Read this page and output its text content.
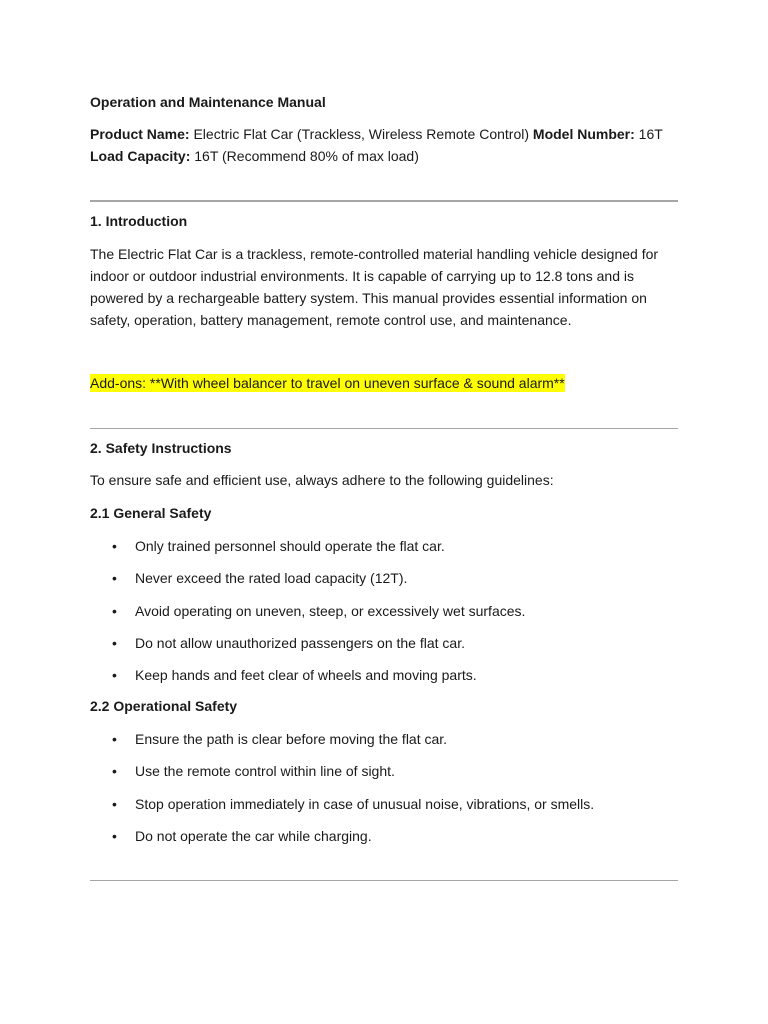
Operation and Maintenance Manual
Product Name: Electric Flat Car (Trackless, Wireless Remote Control) Model Number: 16T
Load Capacity: 16T (Recommend 80% of max load)
1. Introduction
The Electric Flat Car is a trackless, remote-controlled material handling vehicle designed for indoor or outdoor industrial environments. It is capable of carrying up to 12.8 tons and is powered by a rechargeable battery system. This manual provides essential information on safety, operation, battery management, remote control use, and maintenance.
Add-ons: **With wheel balancer to travel on uneven surface & sound alarm**
2. Safety Instructions
To ensure safe and efficient use, always adhere to the following guidelines:
2.1 General Safety
• Only trained personnel should operate the flat car.
• Never exceed the rated load capacity (12T).
• Avoid operating on uneven, steep, or excessively wet surfaces.
• Do not allow unauthorized passengers on the flat car.
• Keep hands and feet clear of wheels and moving parts.
2.2 Operational Safety
• Ensure the path is clear before moving the flat car.
• Use the remote control within line of sight.
• Stop operation immediately in case of unusual noise, vibrations, or smells.
• Do not operate the car while charging.
